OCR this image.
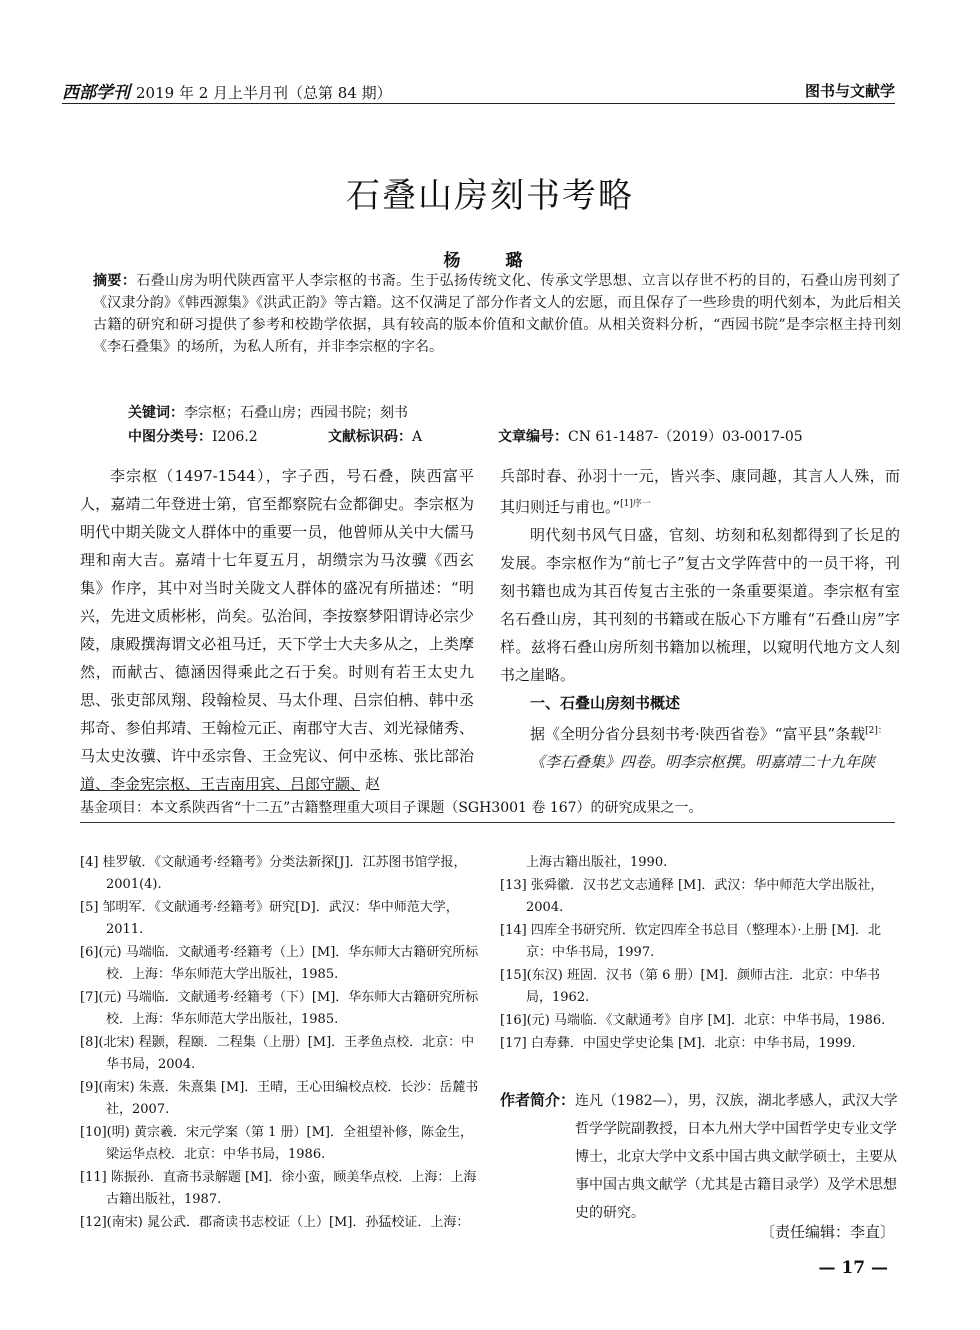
西部学刊 2019 年 2 月上半月刊（总第 84 期）	图书与文献学
石叠山房刻书考略
杨　璐
摘要：石叠山房为明代陕西富平人李宗枢的书斋。生于弘扬传统文化、传承文学思想、立言以存世不朽的目的，石叠山房刊刻了《汉隶分韵》《韩西源集》《洪武正韵》等古籍。这不仅满足了部分作者文人的宏愿，而且保存了一些珍贵的明代刻本，为此后相关古籍的研究和研习提供了参考和校勘学依据，具有较高的版本价值和文献价值。从相关资料分析，“西园书院”是李宗枢主持刊刻《李石叠集》的场所，为私人所有，并非李宗枢的字名。
关键词：李宗枢；石叠山房；西园书院；刻书
中图分类号：I206.2	文献标识码：A	文章编号：CN 61-1487-（2019）03-0017-05

李宗枢（1497-1544），字子西，号石叠，陕西富平人，嘉靖二年登进士第，官至都察院右佥都御史。李宗枢为明代中期关陇文人群体中的重要一员，他曾师从关中大儒马理和南大吉。嘉靖十七年夏五月，胡缵宗为马汝骥《西玄集》作序，其中对当时关陇文人群体的盛况有所描述：“明兴，先进文质彬彬，尚矣。弘治间，李按察梦阳谓诗必宗少陵，康殿撰海谓文必祖马迁，天下学士大夫多从之，上类摩然，而献古、德涵因得乘此之石于矣。时则有若王太史九思、张吏部凤翔、段翰检炅、马太仆理、吕宗伯柟、韩中丞邦奇、参伯邦靖、王翰检元正、南郡守大吉、刘光禄储秀、马太史汝骥、许中丞宗鲁、王佥宪议、何中丞栋、张比部治道、李金宪宗枢、王吉南用宾、吕郎守颛、赵

兵部时春、孙羽十一元，皆兴李、康同趣，其言人人殊，而其归则迁与甫也。”$^{[1]序一}$

明代刻书风气日盛，官刻、坊刻和私刻都得到了长足的发展。李宗枢作为“前七子”复古文学阵营中的一员干将，刊刻书籍也成为其百传复古主张的一条重要渠道。李宗枢有室名石叠山房，其刊刻的书籍或在版心下方雕有“石叠山房”字样。兹将石叠山房所刻书籍加以梳理，以窥明代地方文人刻书之崖略。

一、石叠山房刻书概述

据《全明分省分县刻书考·陕西省卷》“富平县”条载$^{[2]:}$

《李石叠集》四卷。明李宗枢撰。明嘉靖二十九年陕

基金项目：本文系陕西省“十二五”古籍整理重大项目子课题（SGH3001 卷 167）的研究成果之一。

[4] 桂罗敏．《文献通考·经籍考》分类法新探[J]．江苏图书馆学报，2001(4).

[5] 邹明军．《文献通考·经籍考》研究[D]．武汉：华中师范大学，2011.

[6](元) 马端临．文献通考·经籍考（上）[M]．华东师大古籍研究所标校．上海：华东师范大学出版社，1985.

[7](元) 马端临．文献通考·经籍考（下）[M]．华东师大古籍研究所标校．上海：华东师范大学出版社，1985.

[8](北宋) 程颢，程颐．二程集（上册）[M]．王孝鱼点校．北京：中华书局，2004.

[9](南宋) 朱熹．朱熹集 [M]．王晴，王心田编校点校．长沙：岳麓书社，2007.

[10](明) 黄宗羲．宋元学案（第 1 册）[M]．全祖望补修，陈金生，梁运华点校．北京：中华书局，1986.

[11] 陈振孙．直斋书录解题 [M]．徐小蛮，顾美华点校．上海：上海古籍出版社，1987.

[12](南宋) 晁公武．郡斋读书志校证（上）[M]．孙猛校证．上海：

上海古籍出版社，1990.

[13] 张舜徽．汉书艺文志通释 [M]．武汉：华中师范大学出版社，2004.

[14] 四库全书研究所．钦定四库全书总目（整理本）·上册 [M]．北京：中华书局，1997.

[15](东汉) 班固．汉书（第 6 册）[M]．颜师古注．北京：中华书局，1962.

[16](元) 马端临．《文献通考》自序 [M]．北京：中华书局，1986.

[17] 白寿彝．中国史学史论集 [M]．北京：中华书局，1999.

作者简介：连凡（1982—），男，汉族，湖北孝感人，武汉大学哲学学院副教授，日本九州大学中国哲学史专业文学博士，北京大学中文系中国古典文献学硕士，主要从事中国古典文献学（尤其是古籍目录学）及学术思想史的研究。
〔责任编辑：李直〕
— 17 —
